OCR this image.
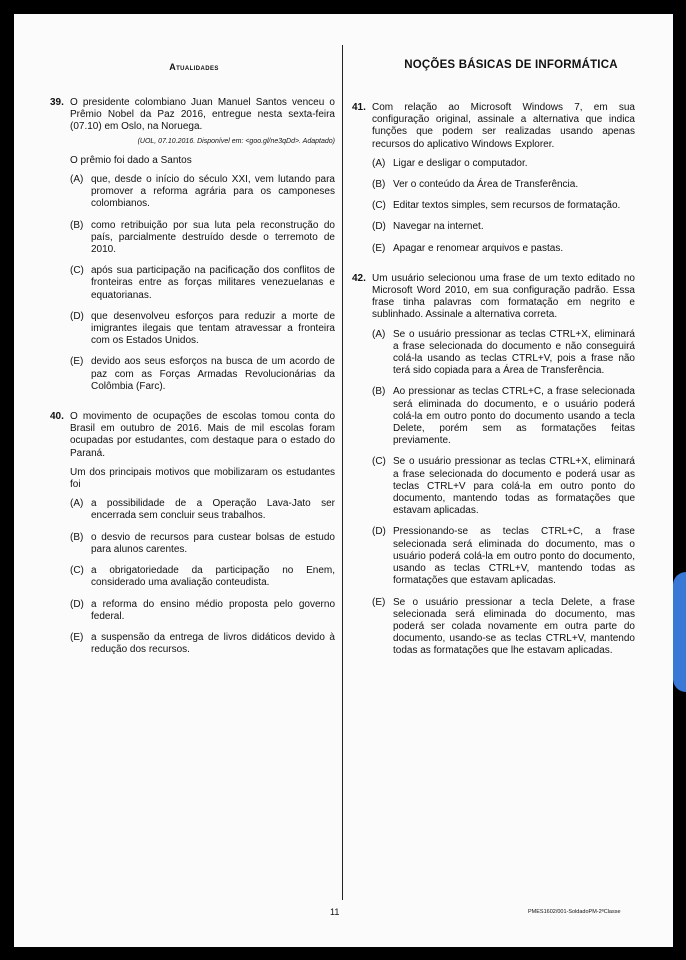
Atualidades	NOÇÕES BÁSICAS DE INFORMÁTICA
39. O presidente colombiano Juan Manuel Santos venceu o Prêmio Nobel da Paz 2016, entregue nesta sexta-feira (07.10) em Oslo, na Noruega.

(UOL, 07.10.2016. Disponível em: <goo.gl/ne3qDd>. Adaptado)

O prêmio foi dado a Santos

(A) que, desde o início do século XXI, vem lutando para promover a reforma agrária para os camponeses colombianos.
(B) como retribuição por sua luta pela reconstrução do país, parcialmente destruído desde o terremoto de 2010.
(C) após sua participação na pacificação dos conflitos de fronteiras entre as forças militares venezuelanas e equatorianas.
(D) que desenvolveu esforços para reduzir a morte de imigrantes ilegais que tentam atravessar a fronteira com os Estados Unidos.
(E) devido aos seus esforços na busca de um acordo de paz com as Forças Armadas Revolucionárias da Colômbia (Farc).
40. O movimento de ocupações de escolas tomou conta do Brasil em outubro de 2016. Mais de mil escolas foram ocupadas por estudantes, com destaque para o estado do Paraná.

Um dos principais motivos que mobilizaram os estudantes foi

(A) a possibilidade de a Operação Lava-Jato ser encerrada sem concluir seus trabalhos.
(B) o desvio de recursos para custear bolsas de estudo para alunos carentes.
(C) a obrigatoriedade da participação no Enem, considerado uma avaliação conteudista.
(D) a reforma do ensino médio proposta pelo governo federal.
(E) a suspensão da entrega de livros didáticos devido à redução dos recursos.
41. Com relação ao Microsoft Windows 7, em sua configuração original, assinale a alternativa que indica funções que podem ser realizadas usando apenas recursos do aplicativo Windows Explorer.

(A) Ligar e desligar o computador.
(B) Ver o conteúdo da Área de Transferência.
(C) Editar textos simples, sem recursos de formatação.
(D) Navegar na internet.
(E) Apagar e renomear arquivos e pastas.
42. Um usuário selecionou uma frase de um texto editado no Microsoft Word 2010, em sua configuração padrão. Essa frase tinha palavras com formatação em negrito e sublinhado. Assinale a alternativa correta.

(A) Se o usuário pressionar as teclas CTRL+X, eliminará a frase selecionada do documento e não conseguirá colá-la usando as teclas CTRL+V, pois a frase não terá sido copiada para a Área de Transferência.
(B) Ao pressionar as teclas CTRL+C, a frase selecionada será eliminada do documento, e o usuário poderá colá-la em outro ponto do documento usando a tecla Delete, porém sem as formatações feitas previamente.
(C) Se o usuário pressionar as teclas CTRL+X, eliminará a frase selecionada do documento e poderá usar as teclas CTRL+V para colá-la em outro ponto do documento, mantendo todas as formatações que estavam aplicadas.
(D) Pressionando-se as teclas CTRL+C, a frase selecionada será eliminada do documento, mas o usuário poderá colá-la em outro ponto do documento, usando as teclas CTRL+V, mantendo todas as formatações que estavam aplicadas.
(E) Se o usuário pressionar a tecla Delete, a frase selecionada será eliminada do documento, mas poderá ser colada novamente em outra parte do documento, usando-se as teclas CTRL+V, mantendo todas as formatações que lhe estavam aplicadas.
11	PMES1602/001-SoldadoPM-2ªClasse
